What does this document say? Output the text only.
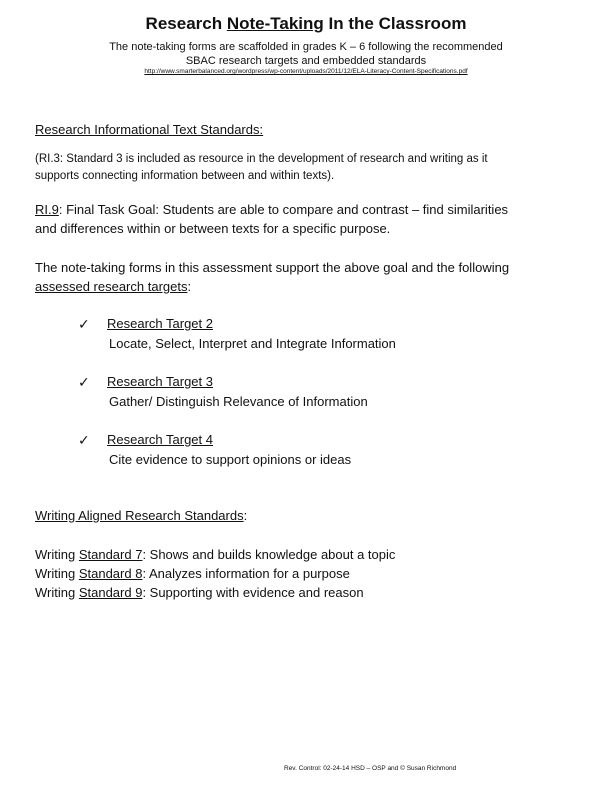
Research Note-Taking In the Classroom
The note-taking forms are scaffolded in grades K – 6 following the recommended
SBAC research targets and embedded standards
http://www.smarterbalanced.org/wordpress/wp-content/uploads/2011/12/ELA-Literacy-Content-Specifications.pdf
Research Informational Text Standards:
(RI.3: Standard 3 is included as resource in the development of research and writing as it
supports connecting information between and within texts).
RI.9: Final Task Goal: Students are able to compare and contrast – find similarities
and differences within or between texts for a specific purpose.
The note-taking forms in this assessment support the above goal and the following
assessed research targets:
✓ Research Target 2
Locate, Select, Interpret and Integrate Information
✓ Research Target 3
Gather/ Distinguish Relevance of Information
✓ Research Target 4
Cite evidence to support opinions or ideas
Writing Aligned Research Standards:
Writing Standard 7: Shows and builds knowledge about a topic
Writing Standard 8: Analyzes information for a purpose
Writing Standard 9: Supporting with evidence and reason
Rev. Control: 02-24-14 HSD – OSP and © Susan Richmond
